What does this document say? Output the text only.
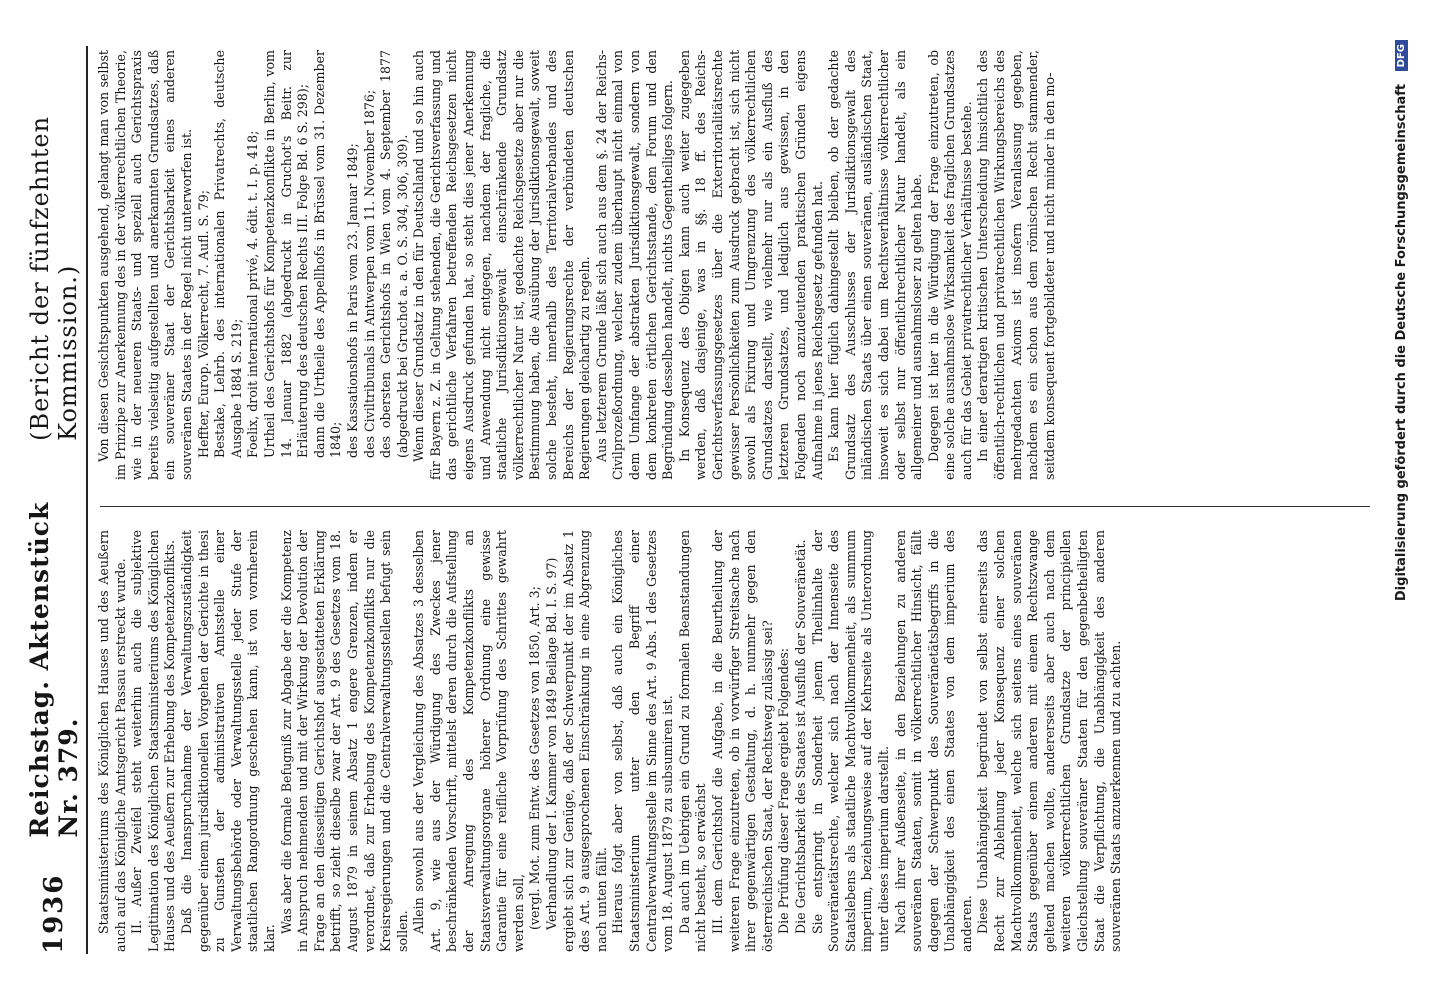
1936
Reichstag. Aktenstück Nr. 379.
(Bericht der fünfzehnten Kommission.)

Staatsministeriums des Königlichen Hauses und des Aeußern auch auf das Königliche Amtsgericht Passau erstreckt wurde. II. Außer Zweifel steht weiterhin auch die subjektive Legitimation des Königlichen Staatsministeriums des Königlichen Hauses und des Aeußern zur Erhebung des Kompetenzkonflikts. Daß die Inanspruchnahme der Verwaltungszuständigkeit gegenüber einem jurisdiktionellen Vorgehen der Gerichte in thesi zu Gunsten der administrativen Amtsstelle einer Verwaltungsbehörde oder Verwaltungsstelle jeder Stufe der staatlichen Rangordnung geschehen kann, ist von vornherein klar.

Was aber die formale Befugniß zur Abgabe der die Kompetenz in Anspruch nehmenden und mit der Wirkung der Devolution der Frage an den diesseitigen Gerichtshof ausgestatteten Erklärung betrifft, so zieht dieselbe zwar der Art. 9 des Gesetzes vom 18. August 1879 in seinem Absatz 1 engere Grenzen, indem er verordnet, daß zur Erhebung des Kompetenzkonflikts nur die Kreisregierungen und die Centralverwaltungsstellen befugt sein sollen. Allein sowohl aus der Vergleichung des Absatzes 3 desselben Art. 9, wie aus der Würdigung des Zweckes jener beschränkenden Vorschrift, mittelst deren durch die Aufstellung der Anregung des Kompetenzkonflikts an Staatsverwaltungsorgane höherer Ordnung eine gewisse Garantie für eine reifliche Vorprüfung des Schrittes gewahrt werden soll, (vergl. Mot. zum Entw. des Gesetzes von 1850, Art. 3; Verhandlung der I. Kammer von 1849 Beilage Bd. I. S. 97) ergiebt sich zur Genüge, daß der Schwerpunkt der im Absatz 1 des Art. 9 ausgesprochenen Einschränkung in eine Abgrenzung nach unten fällt. Hieraus folgt aber von selbst, daß auch ein Königliches Staatsministerium unter den Begriff einer Centralverwaltungsstelle im Sinne des Art. 9 Abs. 1 des Gesetzes vom 18. August 1879 zu subsumiren ist. Da auch im Uebrigen ein Grund zu formalen Beanstandungen nicht besteht, so erwächst III. dem Gerichtshof die Aufgabe, in die Beurtheilung der weiteren Frage einzutreten, ob in vorwürfiger Streitsache nach ihrer gegenwärtigen Gestaltung, d. h. nunmehr gegen den österreichischen Staat, der Rechtsweg zulässig sei? Die Prüfung dieser Frage ergiebt Folgendes: Die Gerichtsbarkeit des Staates ist Ausfluß der Souveränetät. Sie entspringt in Sonderheit jenem Theilinhalte der Souveränetätsrechte, welcher sich nach der Innenseite des Staatslebens als staatliche Machtvollkommenheit, als summum imperium, beziehungsweise auf der Kehrseite als Unterordnung unter dieses imperium darstellt. Nach ihrer Außenseite, in den Beziehungen zu anderen souveränen Staaten, somit in völkerrechtlicher Hinsicht, fällt dagegen der Schwerpunkt des Souveränetätsbegriffs in die Unabhängigkeit des einen Staates von dem imperium des anderen. Diese Unabhängigkeit begründet von selbst einerseits das Recht zur Ablehnung jeder Konsequenz einer solchen Machtvollkommenheit, welche sich seitens eines souveränen Staats gegenüber einem anderen mit einem Rechtszwange geltend machen wollte, andererseits aber auch nach dem weiteren völkerrechtlichen Grundsatze der principiellen Gleichstellung souveräner Staaten für den gegenbetheiligten Staat die Verpflichtung, die Unabhängigkeit des anderen souveränen Staats anzuerkennen und zu achten.

Von diesen Gesichtspunkten ausgehend, gelangt man von selbst im Prinzipe zur Anerkennung des in der völkerrechtlichen Theorie, wie in der neueren Staats- und speziell auch Gerichtspraxis bereits vielseitig aufgestellten und anerkannten Grundsatzes, daß ein souveräner Staat der Gerichtsbarkeit eines anderen souveränen Staates in der Regel nicht unterworfen ist. Heffter, Europ. Völkerrecht, 7. Aufl. S. 79; Bestake, Lehrb. des internationalen Privatrechts, deutsche Ausgabe 1884 S. 219; Foelix, droit international privé, 4. édit. t. I. p. 418; Urtheil des Gerichtshofs für Kompetenzkonflikte in Berlin, vom 14. Januar 1882 (abgedruckt in Gruchot's Beitr. zur Erläuterung des deutschen Rechts III. Folge Bd. 6 S. 298); dann die Urtheile des Appellhofs in Brüssel vom 31. Dezember 1840; des Kassationshofs in Paris vom 23. Januar 1849; des Civiltribunals in Antwerpen vom 11. November 1876; des obersten Gerichtshofs in Wien vom 4. September 1877 (abgedruckt bei Gruchot a. a. O. S. 304, 306, 309). Wenn dieser Grundsatz in den für Deutschland und so hin auch für Bayern z. Z. in Geltung stehenden, die Gerichtsverfassung und das gerichtliche Verfahren betreffenden Reichsgesetzen nicht eigens Ausdruck gefunden hat, so steht dies jener Anerkennung und Anwendung nicht entgegen, nachdem der fragliche, die staatliche Jurisdiktionsgewalt einschränkende Grundsatz völkerrechtlicher Natur ist, gedachte Reichsgesetze aber nur die Bestimmung haben, die Ausübung der Jurisdiktionsgewalt, soweit solche besteht, innerhalb des Territorialverbandes und des Bereichs der Regierungsrechte der verbündeten deutschen Regierungen gleichartig zu regeln. Aus letzterem Grunde läßt sich auch aus dem §. 24 der Reichs-Civilprozeßordnung, welcher zudem überhaupt nicht einmal von dem Umfange der abstrakten Jurisdiktionsgewalt, sondern von dem konkreten örtlichen Gerichtsstande, dem Forum und den Begründung desselben handelt, nichts Gegentheiliges folgern. In Konsequenz des Obigen kann auch weiter zugegeben werden, daß dasjenige, was in §§. 18 ff. des Reichs-Gerichtsverfassungsgesetzes über die Exterritorialitätsrechte gewisser Persönlichkeiten zum Ausdruck gebracht ist, sich nicht sowohl als Fixirung und Umgrenzung des völkerrechtlichen Grundsatzes darstellt, wie vielmehr nur als ein Ausfluß des letzteren Grundsatzes, und lediglich aus gewissen, in den Folgenden noch anzudeutenden praktischen Gründen eigens Aufnahme in jenes Reichsgesetz gefunden hat. Es kann hier füglich dahingestellt bleiben, ob der gedachte Grundsatz des Ausschlusses der Jurisdiktionsgewalt des inländischen Staats über einen souveränen, ausländischen Staat, insoweit es sich dabei um Rechtsverhältnisse völkerrechtlicher oder selbst nur öffentlichrechtlicher Natur handelt, als ein allgemeiner und ausnahmsloser zu gelten habe. Dagegen ist hier in die Würdigung der Frage einzutreten, ob eine solche ausnahmslose Wirksamkeit des fraglichen Grundsatzes auch für das Gebiet privatrechtlicher Verhältnisse bestehe. In einer derartigen kritischen Unterscheidung hinsichtlich des öffentlich-rechtlichen und privatrechtlichen Wirkungsbereichs des mehrgedachten Axioms ist insofern Veranlassung gegeben, nachdem es ein schon aus dem römischen Recht stammender, seitdem konsequent fortgebildeter und nicht minder in den mo-	Digitalisierung gefördert durch die Deutsche Forschungsgemeinschaft DFG
